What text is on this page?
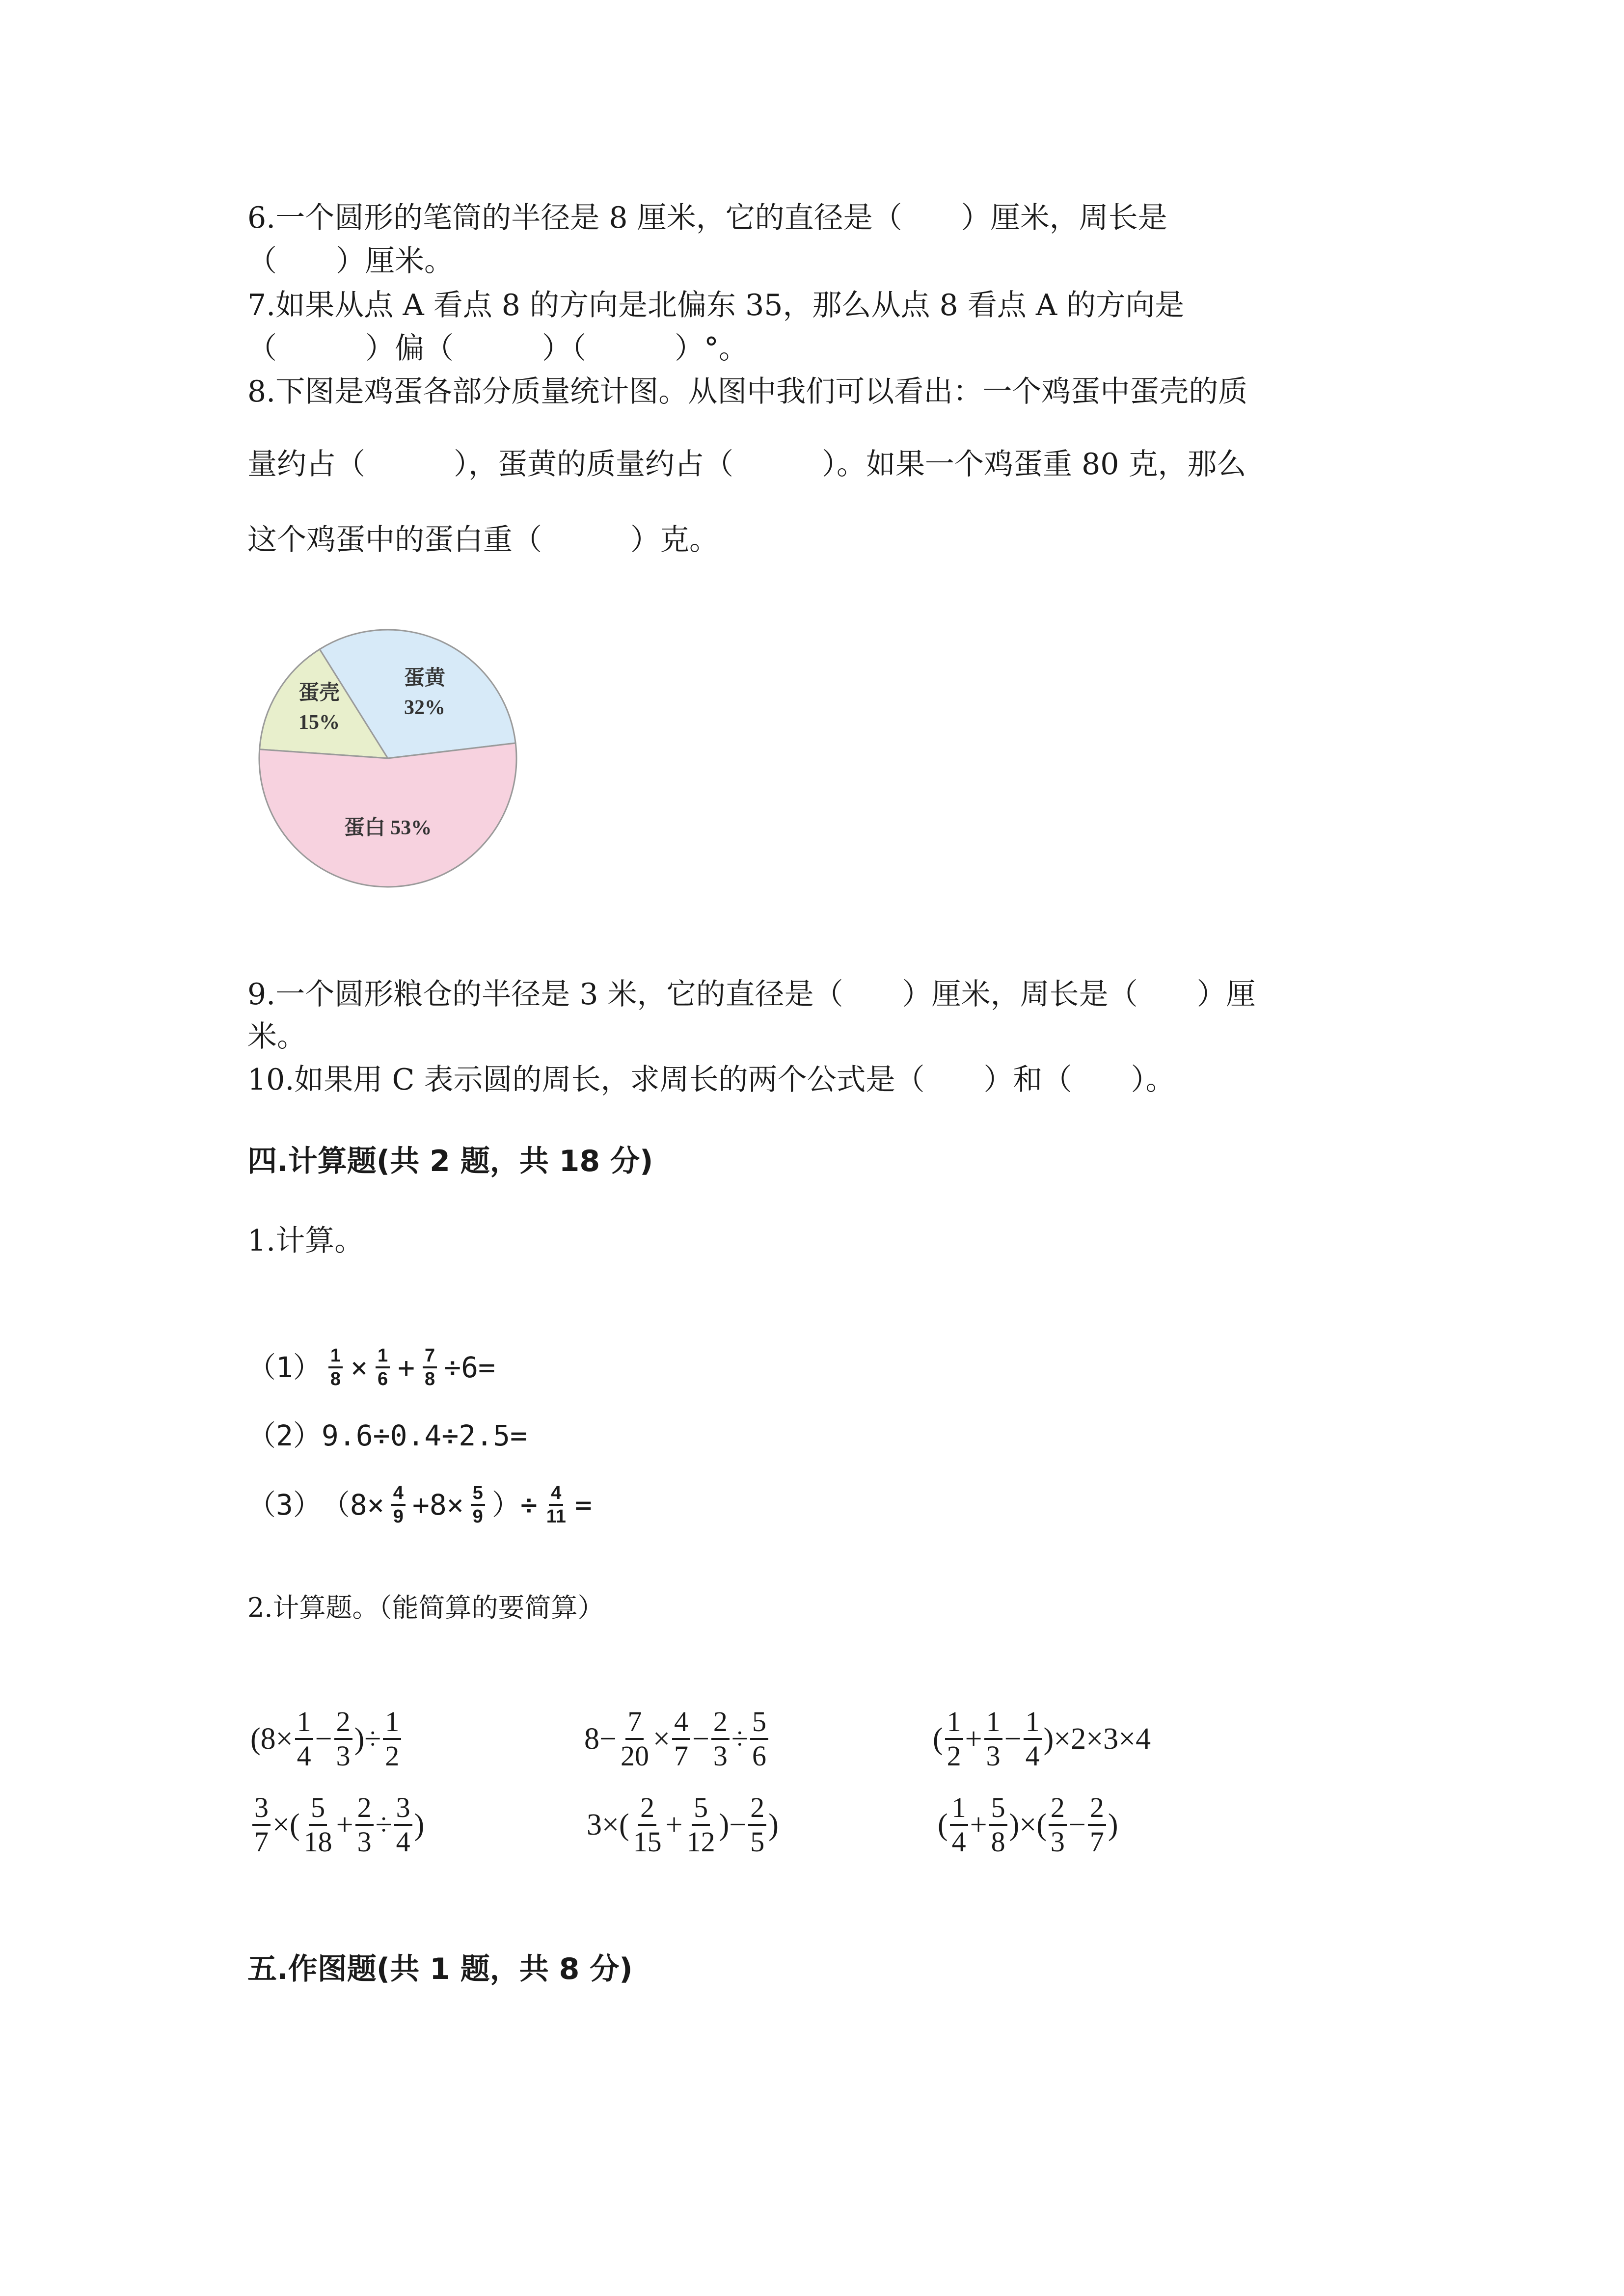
6.一个圆形的笔筒的半径是 8 厘米，它的直径是（　　）厘米，周长是
（　　）厘米。
7.如果从点 A 看点 8 的方向是北偏东 35，那么从点 8 看点 A 的方向是
（　　　）偏（　　　）（　　　）°。
8.下图是鸡蛋各部分质量统计图。从图中我们可以看出：一个鸡蛋中蛋壳的质
量约占（　　　），蛋黄的质量约占（　　　）。如果一个鸡蛋重 80 克，那么
这个鸡蛋中的蛋白重（　　　）克。
蛋壳
15%
蛋黄
32%
蛋白 53%
9.一个圆形粮仓的半径是 3 米，它的直径是（　　）厘米，周长是（　　）厘
米。
10.如果用 C 表示圆的周长，求周长的两个公式是（　　）和（　　）。
四.计算题(共 2 题，共 18 分)
1.计算。
$(1) \frac{1}{8} \times \frac{1}{6} + \frac{7}{8} \div 6=$
（2） 9.6÷0.4÷2.5=
（3） （$8\times \frac{4}{9} +8\times \frac{5}{9}$ ）÷ $\frac{4}{11}$ =
2.计算题。（能简算的要简算）
($8\times \frac{1}{4} - \frac{2}{3}$ )÷ $\frac{1}{2}$	$8- \frac{7}{20} \times \frac{4}{7} - \frac{2}{3} \div \frac{5}{6}$	( $\frac{1}{2} + \frac{1}{3} - \frac{1}{4} )\times 2\times 3\times 4$
$\frac{3}{7}$ ×( $\frac{5}{18} + \frac{2}{3} \div \frac{3}{4}$ )	$3\times( \frac{2}{15} + \frac{5}{12}$ )− $\frac{2}{5}$ )	( $\frac{1}{4} + \frac{5}{8}$ )×( $\frac{2}{3} - \frac{2}{7}$ )
五.作图题(共 1 题，共 8 分)
